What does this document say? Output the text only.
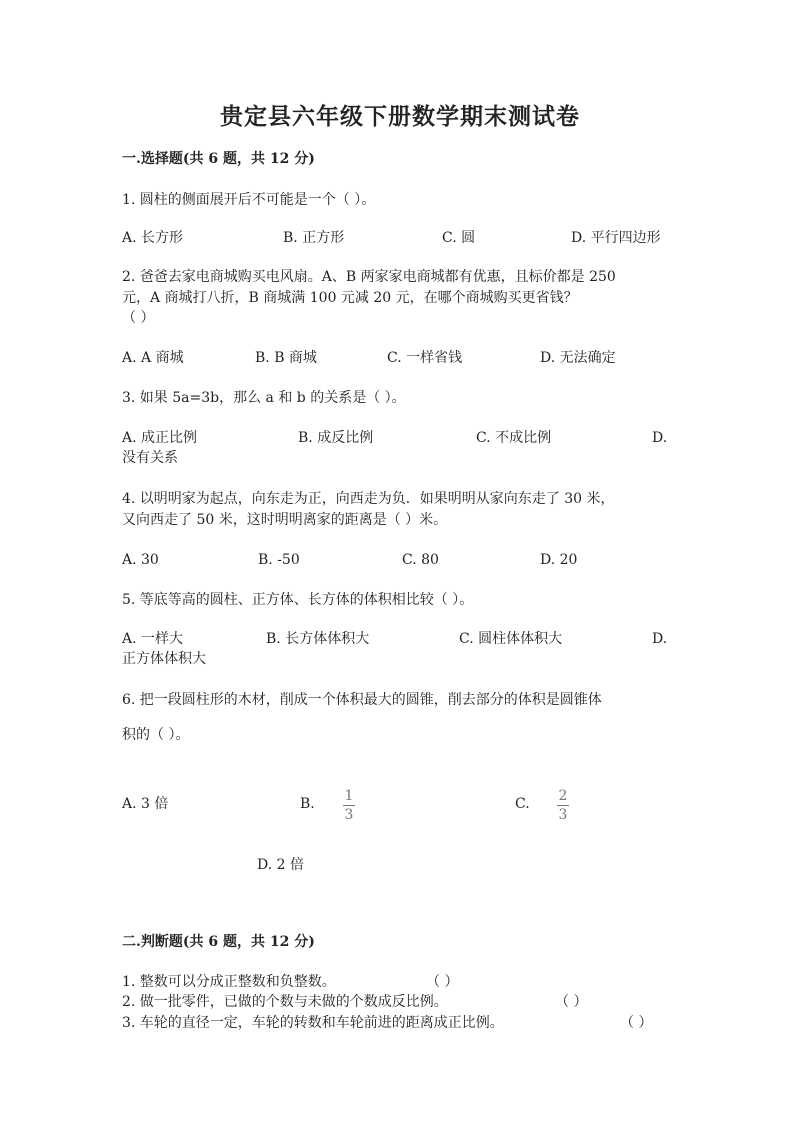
贵定县六年级下册数学期末测试卷
一.选择题(共 6 题，共 12 分)
1. 圆柱的侧面展开后不可能是一个（ ）。
A. 长方形	B. 正方形	C. 圆	D. 平行四边形
2. 爸爸去家电商城购买电风扇。A、B 两家家电商城都有优惠，且标价都是 250
元，A 商城打八折，B 商城满 100 元减 20 元，在哪个商城购买更省钱？
（ ）
A. A 商城	B. B 商城	C. 一样省钱	D. 无法确定
3. 如果 5a=3b，那么 a 和 b 的关系是（ ）。
A. 成正比例	B. 成反比例	C. 不成比例	D.
没有关系
4. 以明明家为起点，向东走为正，向西走为负．如果明明从家向东走了 30 米，
又向西走了 50 米，这时明明离家的距离是（ ）米。
A. 30	B. -50	C. 80	D. 20
5. 等底等高的圆柱、正方体、长方体的体积相比较（ ）。
A. 一样大	B. 长方体体积大	C. 圆柱体体积大	D.
正方体体积大
6. 把一段圆柱形的木材，削成一个体积最大的圆锥，削去部分的体积是圆锥体
积的（ ）。
A. 3 倍	B.	1
3
C.	2
3
D. 2 倍
二.判断题(共 6 题，共 12 分)
1. 整数可以分成正整数和负整数。	（ ）
2. 做一批零件，已做的个数与未做的个数成反比例。	（ ）
3. 车轮的直径一定，车轮的转数和车轮前进的距离成正比例。	（ ）
